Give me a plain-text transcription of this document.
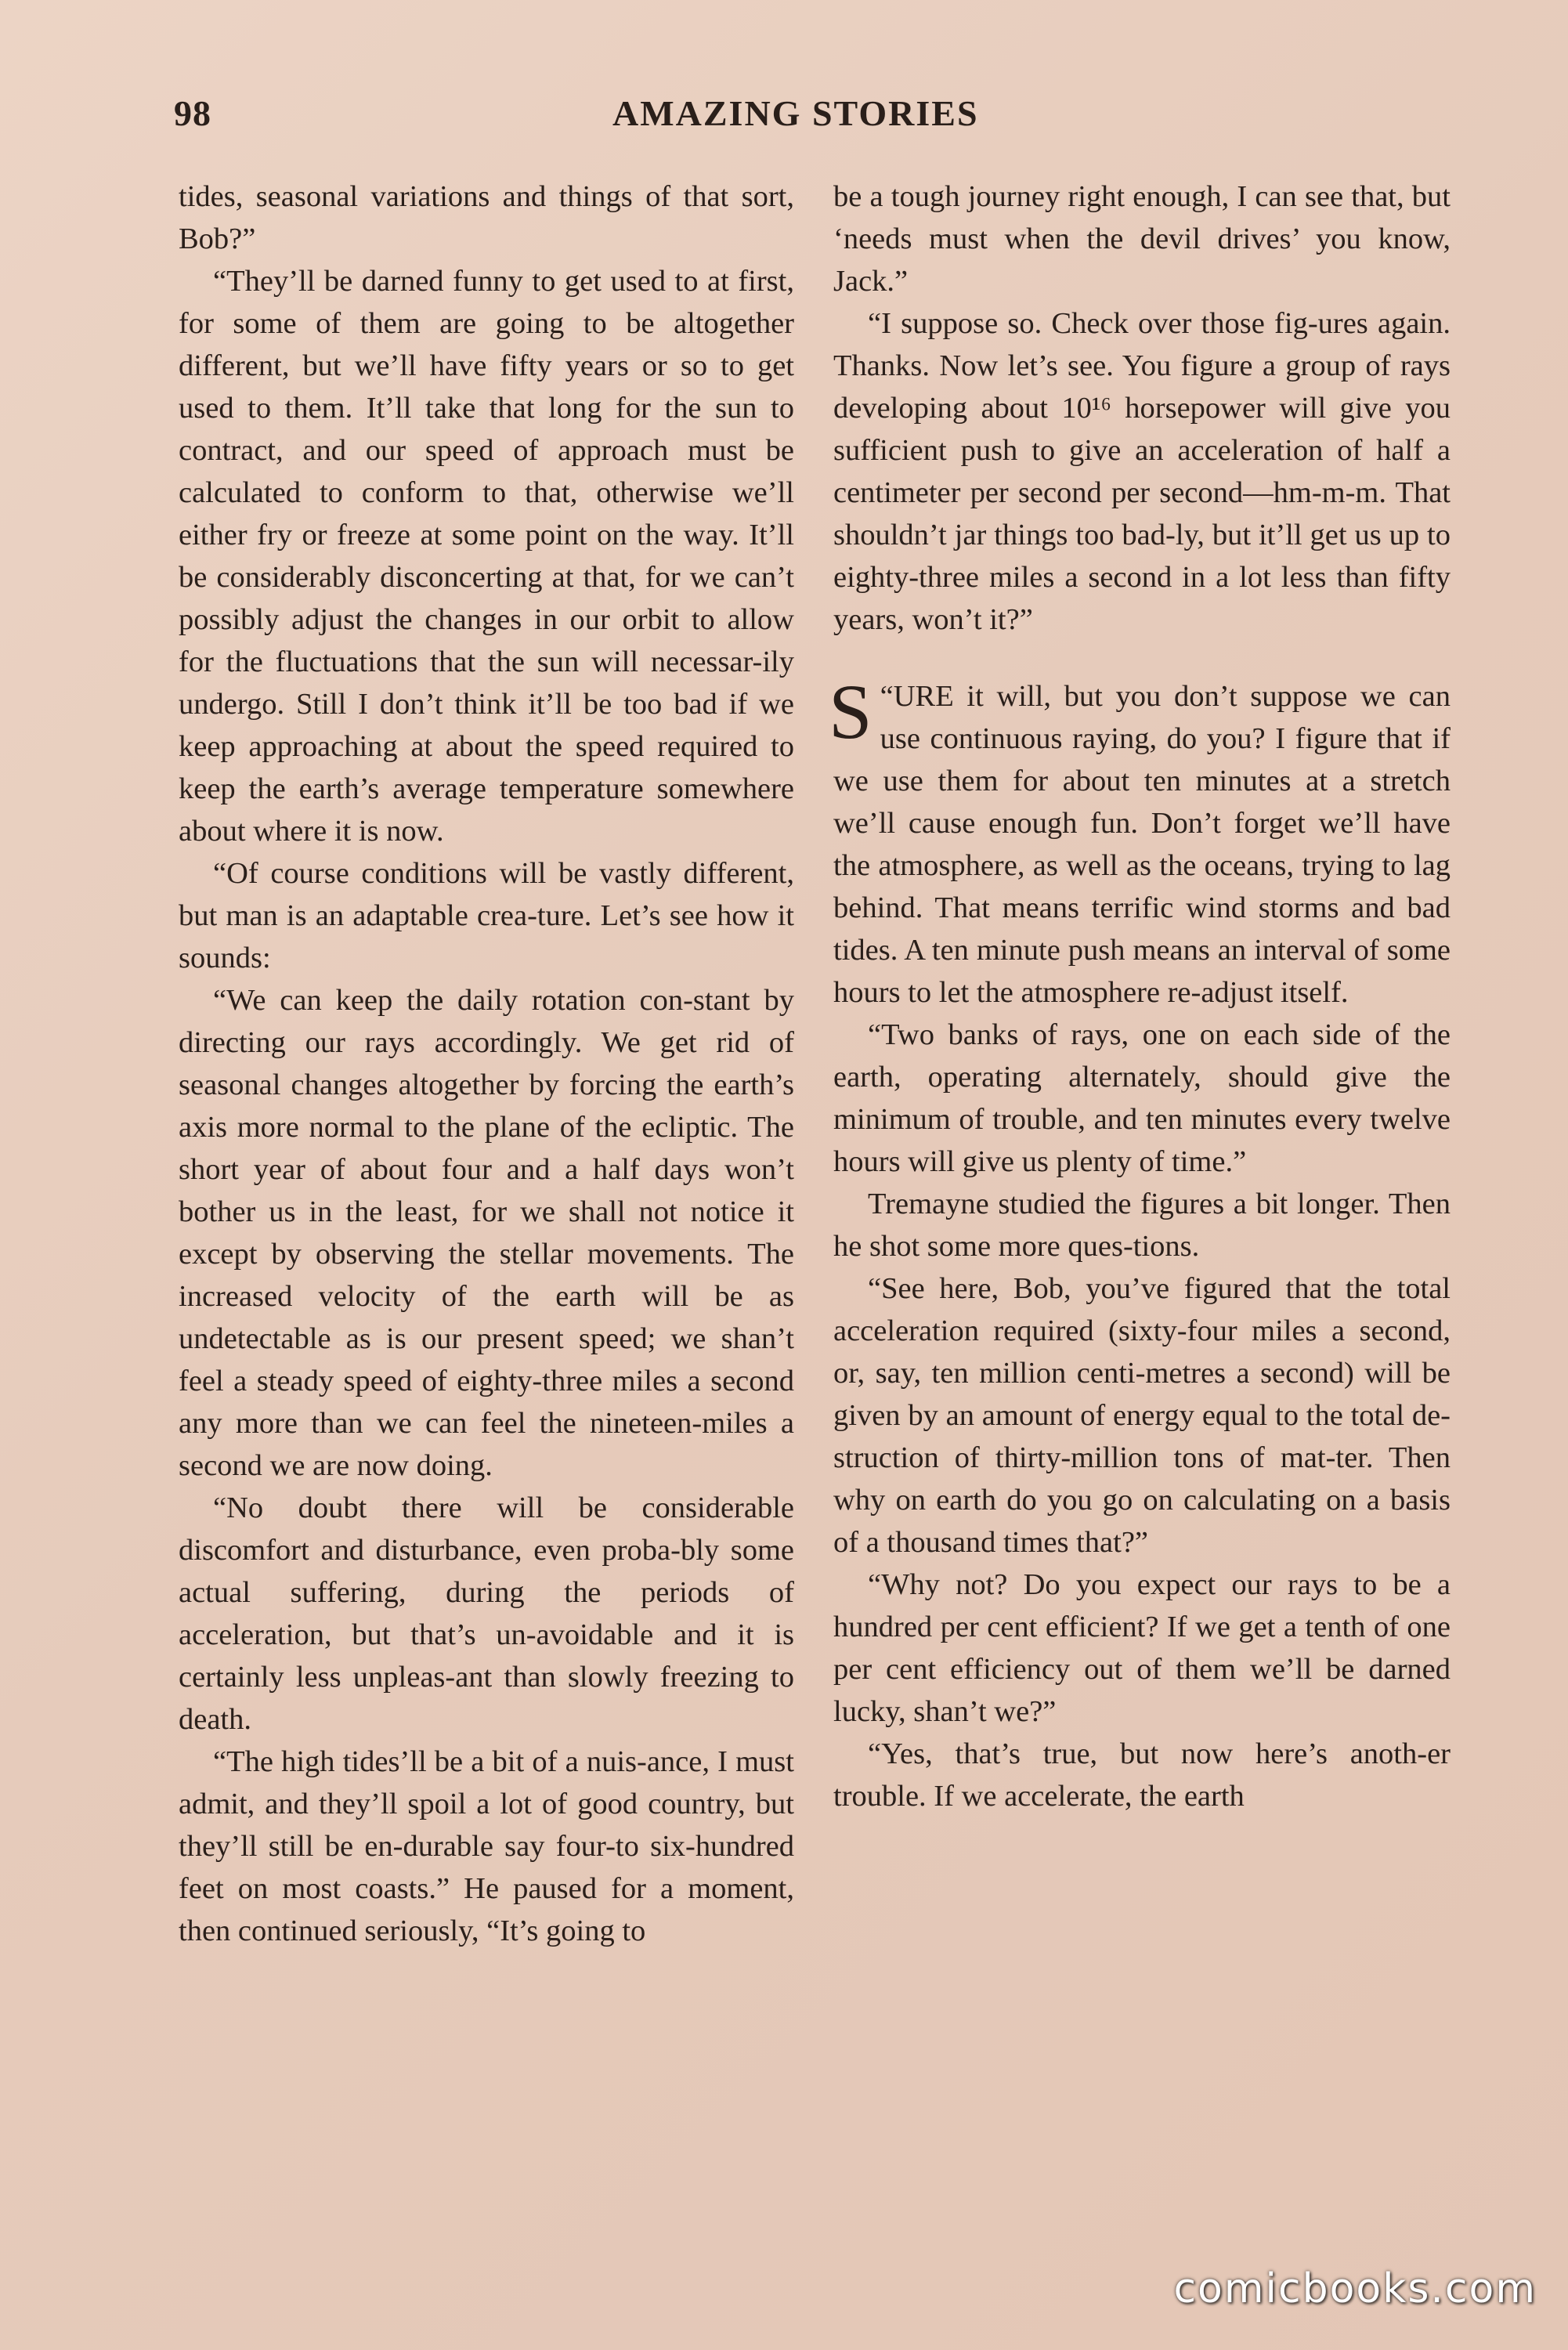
98	AMAZING STORIES

tides, seasonal variations and things of that sort, Bob?”

“They’ll be darned funny to get used to at first, for some of them are going to be altogether different, but we’ll have fifty years or so to get used to them. It’ll take that long for the sun to contract, and our speed of approach must be calculated to conform to that, otherwise we’ll either fry or freeze at some point on the way. It’ll be considerably disconcerting at that, for we can’t possibly adjust the changes in our orbit to allow for the fluctuations that the sun will necessar-ily undergo. Still I don’t think it’ll be too bad if we keep approaching at about the speed required to keep the earth’s average temperature somewhere about where it is now.

“Of course conditions will be vastly different, but man is an adaptable crea-ture. Let’s see how it sounds:

“We can keep the daily rotation con-stant by directing our rays accordingly. We get rid of seasonal changes altogether by forcing the earth’s axis more normal to the plane of the ecliptic. The short year of about four and a half days won’t bother us in the least, for we shall not notice it except by observing the stellar movements. The increased velocity of the earth will be as undetectable as is our present speed; we shan’t feel a steady speed of eighty-three miles a second any more than we can feel the nineteen-miles a second we are now doing.

“No doubt there will be considerable discomfort and disturbance, even proba-bly some actual suffering, during the periods of acceleration, but that’s un-avoidable and it is certainly less unpleas-ant than slowly freezing to death.

“The high tides’ll be a bit of a nuis-ance, I must admit, and they’ll spoil a lot of good country, but they’ll still be en-durable say four-to six-hundred feet on most coasts.” He paused for a moment, then continued seriously, “It’s going to

be a tough journey right enough, I can see that, but ‘needs must when the devil drives’ you know, Jack.”

“I suppose so. Check over those fig-ures again. Thanks. Now let’s see. You figure a group of rays developing about 10¹⁶ horsepower will give you sufficient push to give an acceleration of half a centimeter per second per second—hm-m-m. That shouldn’t jar things too bad-ly, but it’ll get us up to eighty-three miles a second in a lot less than fifty years, won’t it?”

“
S URE it will, but you don’t suppose we can use continuous raying, do you? I figure that if we use them for about ten minutes at a stretch we’ll cause enough fun. Don’t forget we’ll have the atmosphere, as well as the oceans, trying to lag behind. That means terrific wind storms and bad tides. A ten minute push means an interval of some hours to let the atmosphere re-adjust itself.

“Two banks of rays, one on each side of the earth, operating alternately, should give the minimum of trouble, and ten minutes every twelve hours will give us plenty of time.”

Tremayne studied the figures a bit longer. Then he shot some more ques-tions.

“See here, Bob, you’ve figured that the total acceleration required (sixty-four miles a second, or, say, ten million centi-metres a second) will be given by an amount of energy equal to the total de-struction of thirty-million tons of mat-ter. Then why on earth do you go on calculating on a basis of a thousand times that?”

“Why not? Do you expect our rays to be a hundred per cent efficient? If we get a tenth of one per cent efficiency out of them we’ll be darned lucky, shan’t we?”

“Yes, that’s true, but now here’s anoth-er trouble. If we accelerate, the earth

comicbooks.com
